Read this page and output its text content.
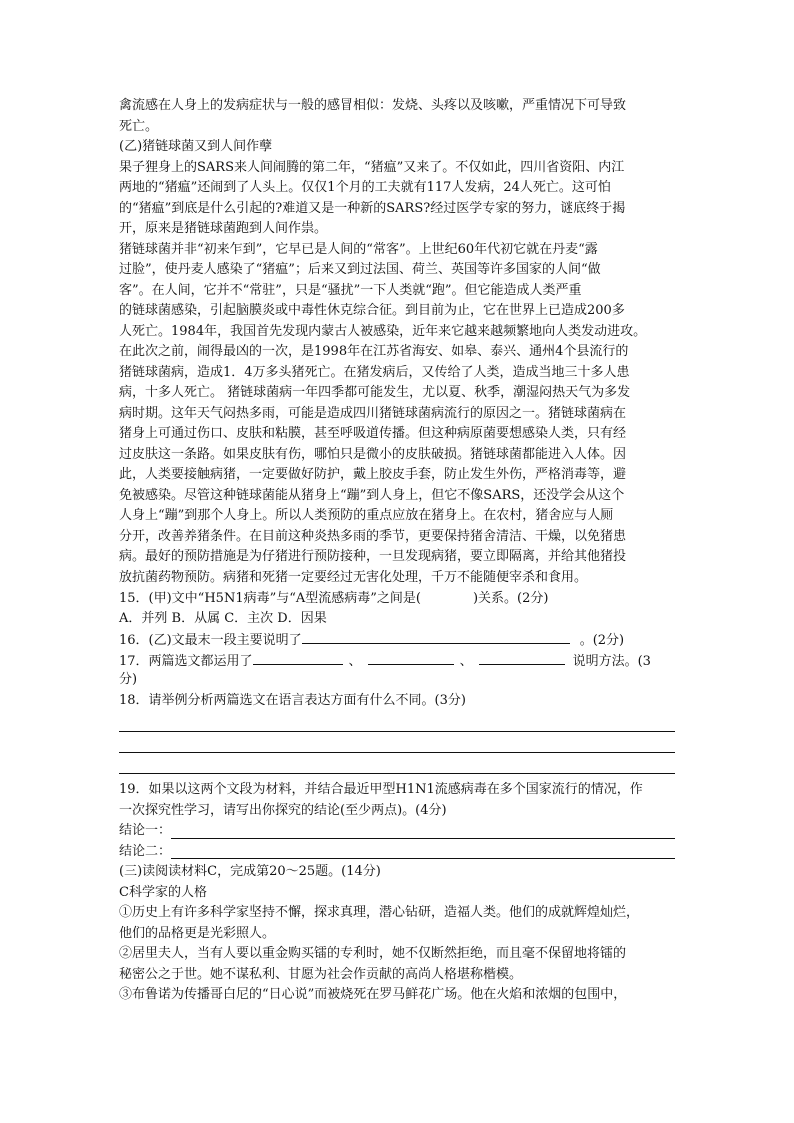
禽流感在人身上的发病症状与一般的感冒相似：发烧、头疼以及咳嗽，严重情况下可导致
死亡。
(乙)猪链球菌又到人间作孽
果子狸身上的SARS来人间闹腾的第二年，“猪瘟”又来了。不仅如此，四川省资阳、内江
两地的“猪瘟”还闹到了人头上。仅仅1个月的工夫就有117人发病，24人死亡。这可怕
的“猪瘟”到底是什么引起的?难道又是一种新的SARS?经过医学专家的努力，谜底终于揭
开，原来是猪链球菌跑到人间作祟。
猪链球菌并非“初来乍到”，它早已是人间的“常客”。上世纪60年代初它就在丹麦“露
过脸”，使丹麦人感染了“猪瘟”；后来又到过法国、荷兰、英国等许多国家的人间“做
客”。在人间，它并不“常驻”，只是“骚扰”一下人类就“跑”。但它能造成人类严重
的链球菌感染，引起脑膜炎或中毒性休克综合征。到目前为止，它在世界上已造成200多
人死亡。1984年，我国首先发现内蒙古人被感染，近年来它越来越频繁地向人类发动进攻。
在此次之前，闹得最凶的一次，是1998年在江苏省海安、如皋、泰兴、通州4个县流行的
猪链球菌病，造成1．4万多头猪死亡。在猪发病后，又传给了人类，造成当地三十多人患
病，十多人死亡。 猪链球菌病一年四季都可能发生，尤以夏、秋季，潮湿闷热天气为多发
病时期。这年天气闷热多雨，可能是造成四川猪链球菌病流行的原因之一。猪链球菌病在
猪身上可通过伤口、皮肤和粘膜，甚至呼吸道传播。但这种病原菌要想感染人类，只有经
过皮肤这一条路。如果皮肤有伤，哪怕只是微小的皮肤破损。猪链球菌都能进入人体。因
此，人类要接触病猪，一定要做好防护，戴上胶皮手套，防止发生外伤，严格消毒等，避
免被感染。尽管这种链球菌能从猪身上“蹦”到人身上，但它不像SARS，还没学会从这个
人身上“蹦”到那个人身上。所以人类预防的重点应放在猪身上。在农村，猪舍应与人厕
分开，改善养猪条件。在目前这种炎热多雨的季节，更要保持猪舍清洁、干燥，以免猪患
病。最好的预防措施是为仔猪进行预防接种，一旦发现病猪，要立即隔离，并给其他猪投
放抗菌药物预防。病猪和死猪一定要经过无害化处理，千万不能随便宰杀和食用。
15．(甲)文中“H5N1病毒”与“A型流感病毒”之间是(	)关系。(2分)
A．并列 B．从属 C．主次 D．因果
16．(乙)文最末一段主要说明了	。(2分)
17．两篇选文都运用了	、	、	说明方法。(3
分)
18．请举例分析两篇选文在语言表达方面有什么不同。(3分)
19．如果以这两个文段为材料，并结合最近甲型H1N1流感病毒在多个国家流行的情况，作
一次探究性学习，请写出你探究的结论(至少两点)。(4分)
结论一：
结论二：
(三)读阅读材料C，完成第20～25题。(14分)
C科学家的人格
①历史上有许多科学家坚持不懈，探求真理，潜心钻研，造福人类。他们的成就辉煌灿烂，
他们的品格更是光彩照人。
②居里夫人，当有人要以重金购买镭的专利时，她不仅断然拒绝，而且毫不保留地将镭的
秘密公之于世。她不谋私利、甘愿为社会作贡献的高尚人格堪称楷模。
③布鲁诺为传播哥白尼的“日心说”而被烧死在罗马鲜花广场。他在火焰和浓烟的包围中，
